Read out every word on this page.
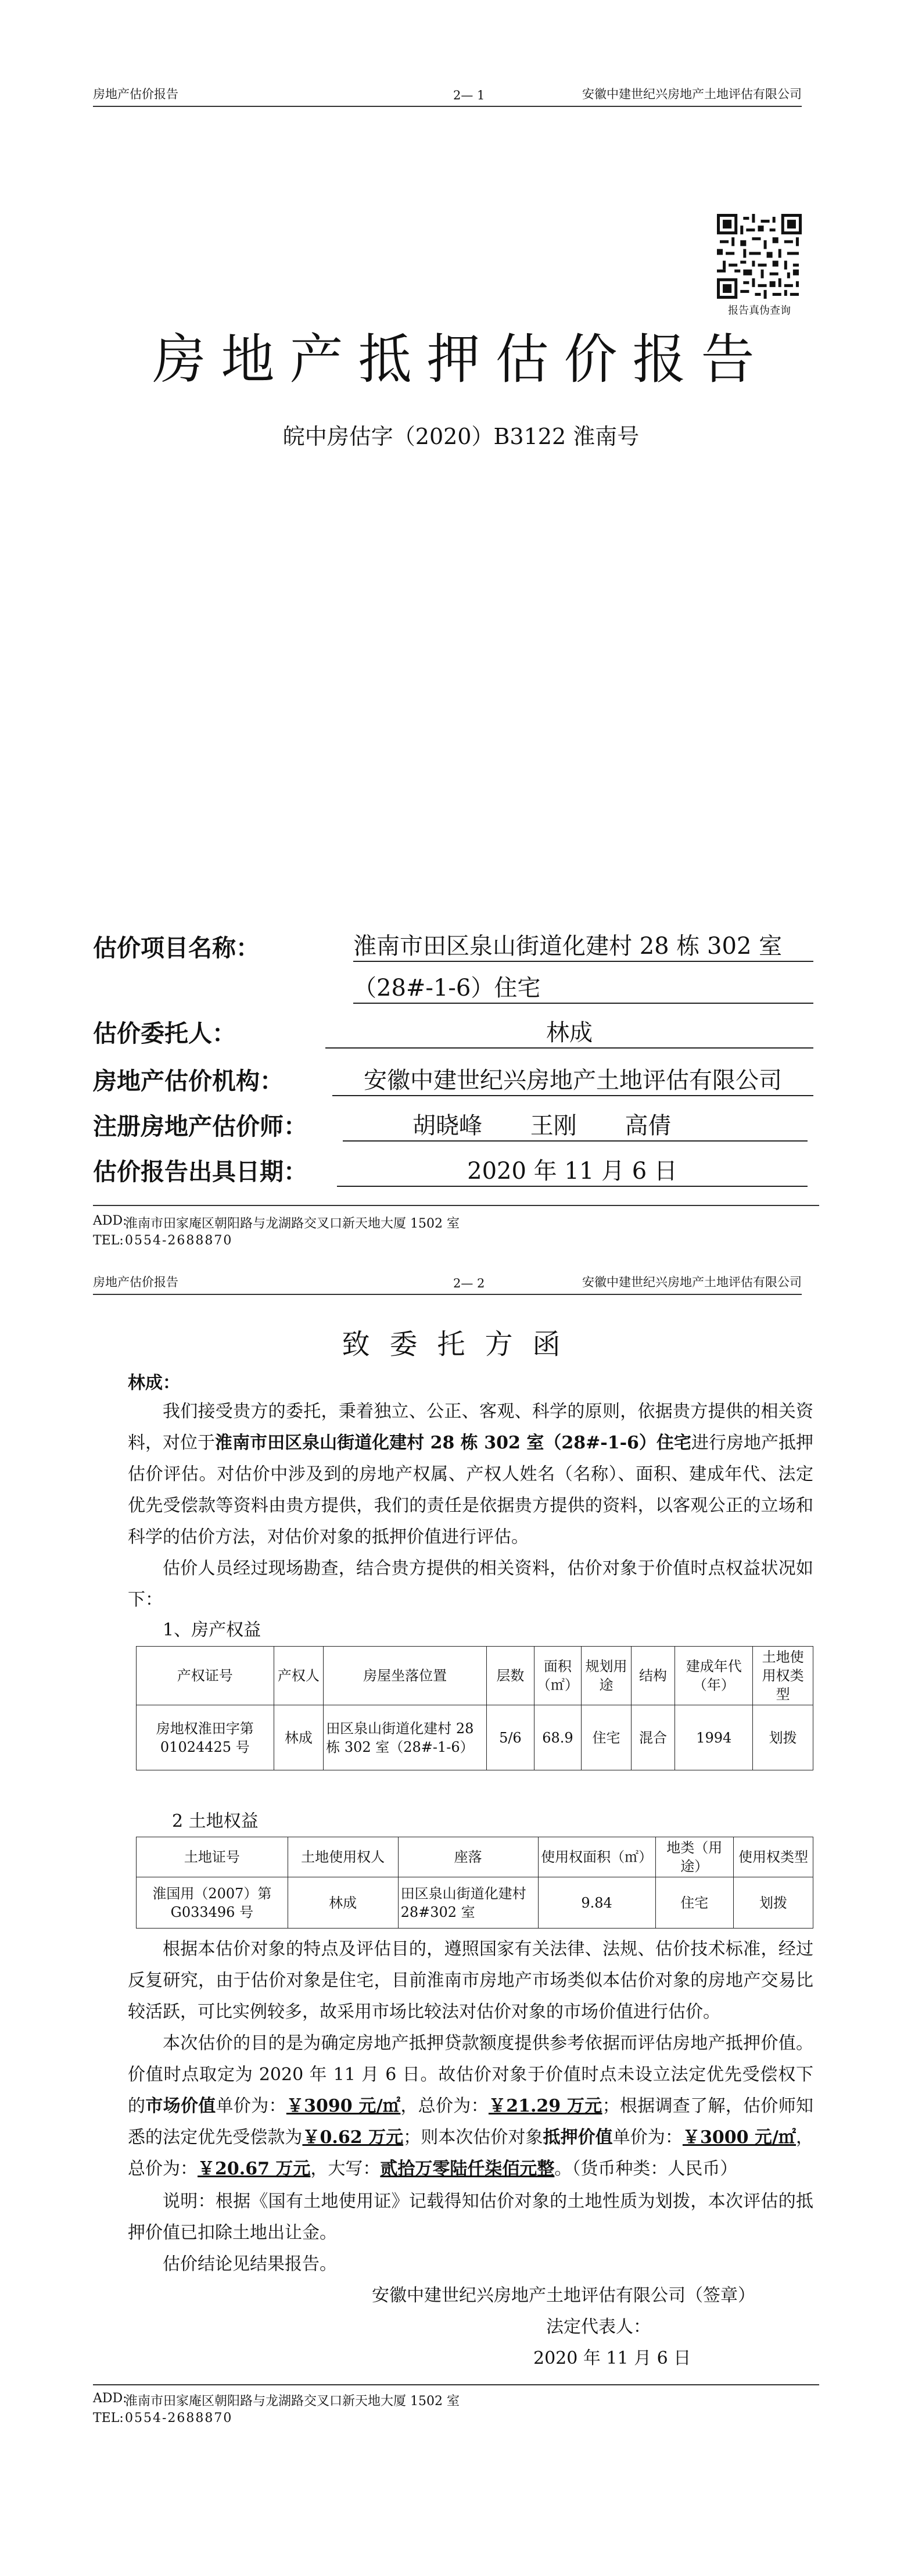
房地产估价报告	2— 1	安徽中建世纪兴房地产土地评估有限公司
报告真伪查询
房地产抵押估价报告
皖中房估字（2020）B3122 淮南号
估价项目名称：	淮南市田区泉山街道化建村 28 栋 302 室
（28#-1-6）住宅
估价委托人：	林成
房地产估价机构：	安徽中建世纪兴房地产土地评估有限公司
注册房地产估价师：	胡晓峰 王刚 高倩
估价报告出具日期：	2020 年 11 月 6 日
ADD:
淮南市田家庵区朝阳路与龙湖路交叉口新天地大厦 1502 室
TEL: 0554-2688870
房地产估价报告	2— 2	安徽中建世纪兴房地产土地评估有限公司
致委托方函
林成：
我们接受贵方的委托，秉着独立、公正、客观、科学的原则，依据贵方提供的相关资料，对位于淮南市田区泉山街道化建村 28 栋 302 室（28#-1-6）住宅进行房地产抵押估价评估。对估价中涉及到的房地产权属、产权人姓名（名称）、面积、建成年代、法定优先受偿款等资料由贵方提供，我们的责任是依据贵方提供的资料，以客观公正的立场和科学的估价方法，对估价对象的抵押价值进行评估。
估价人员经过现场勘查，结合贵方提供的相关资料，估价对象于价值时点权益状况如下：
1、房产权益
产权证号	产权人	房屋坐落位置	层数	面积（㎡）	规划用途	结构	建成年代（年）	土地使用权类型
房地权淮田字第 01024425 号	林成	田区泉山街道化建村 28 栋 302 室（28#-1-6）	5/6	68.9	住宅	混合	1994	划拨
2 土地权益
土地证号	土地使用权人	座落	使用权面积（㎡）	地类（用途）	使用权类型
淮国用（2007）第 G033496 号	林成	田区泉山街道化建村 28#302 室	9.84	住宅	划拨
根据本估价对象的特点及评估目的，遵照国家有关法律、法规、估价技术标准，经过反复研究，由于估价对象是住宅，目前淮南市房地产市场类似本估价对象的房地产交易比较活跃，可比实例较多，故采用市场比较法对估价对象的市场价值进行估价。
本次估价的目的是为确定房地产抵押贷款额度提供参考依据而评估房地产抵押价值。价值时点取定为 2020 年 11 月 6 日。故估价对象于价值时点未设立法定优先受偿权下的市场价值单价为：￥3090 元/㎡，总价为：￥21.29 万元；根据调查了解，估价师知悉的法定优先受偿款为￥0.62 万元；则本次估价对象抵押价值单价为：￥3000 元/㎡，总价为：￥20.67 万元，大写：贰拾万零陆仟柒佰元整。（货币种类：人民币）
说明：根据《国有土地使用证》记载得知估价对象的土地性质为划拨，本次评估的抵押价值已扣除土地出让金。
估价结论见结果报告。
安徽中建世纪兴房地产土地评估有限公司（签章）
法定代表人：
2020 年 11 月 6 日
ADD:
淮南市田家庵区朝阳路与龙湖路交叉口新天地大厦 1502 室
TEL: 0554-2688870
